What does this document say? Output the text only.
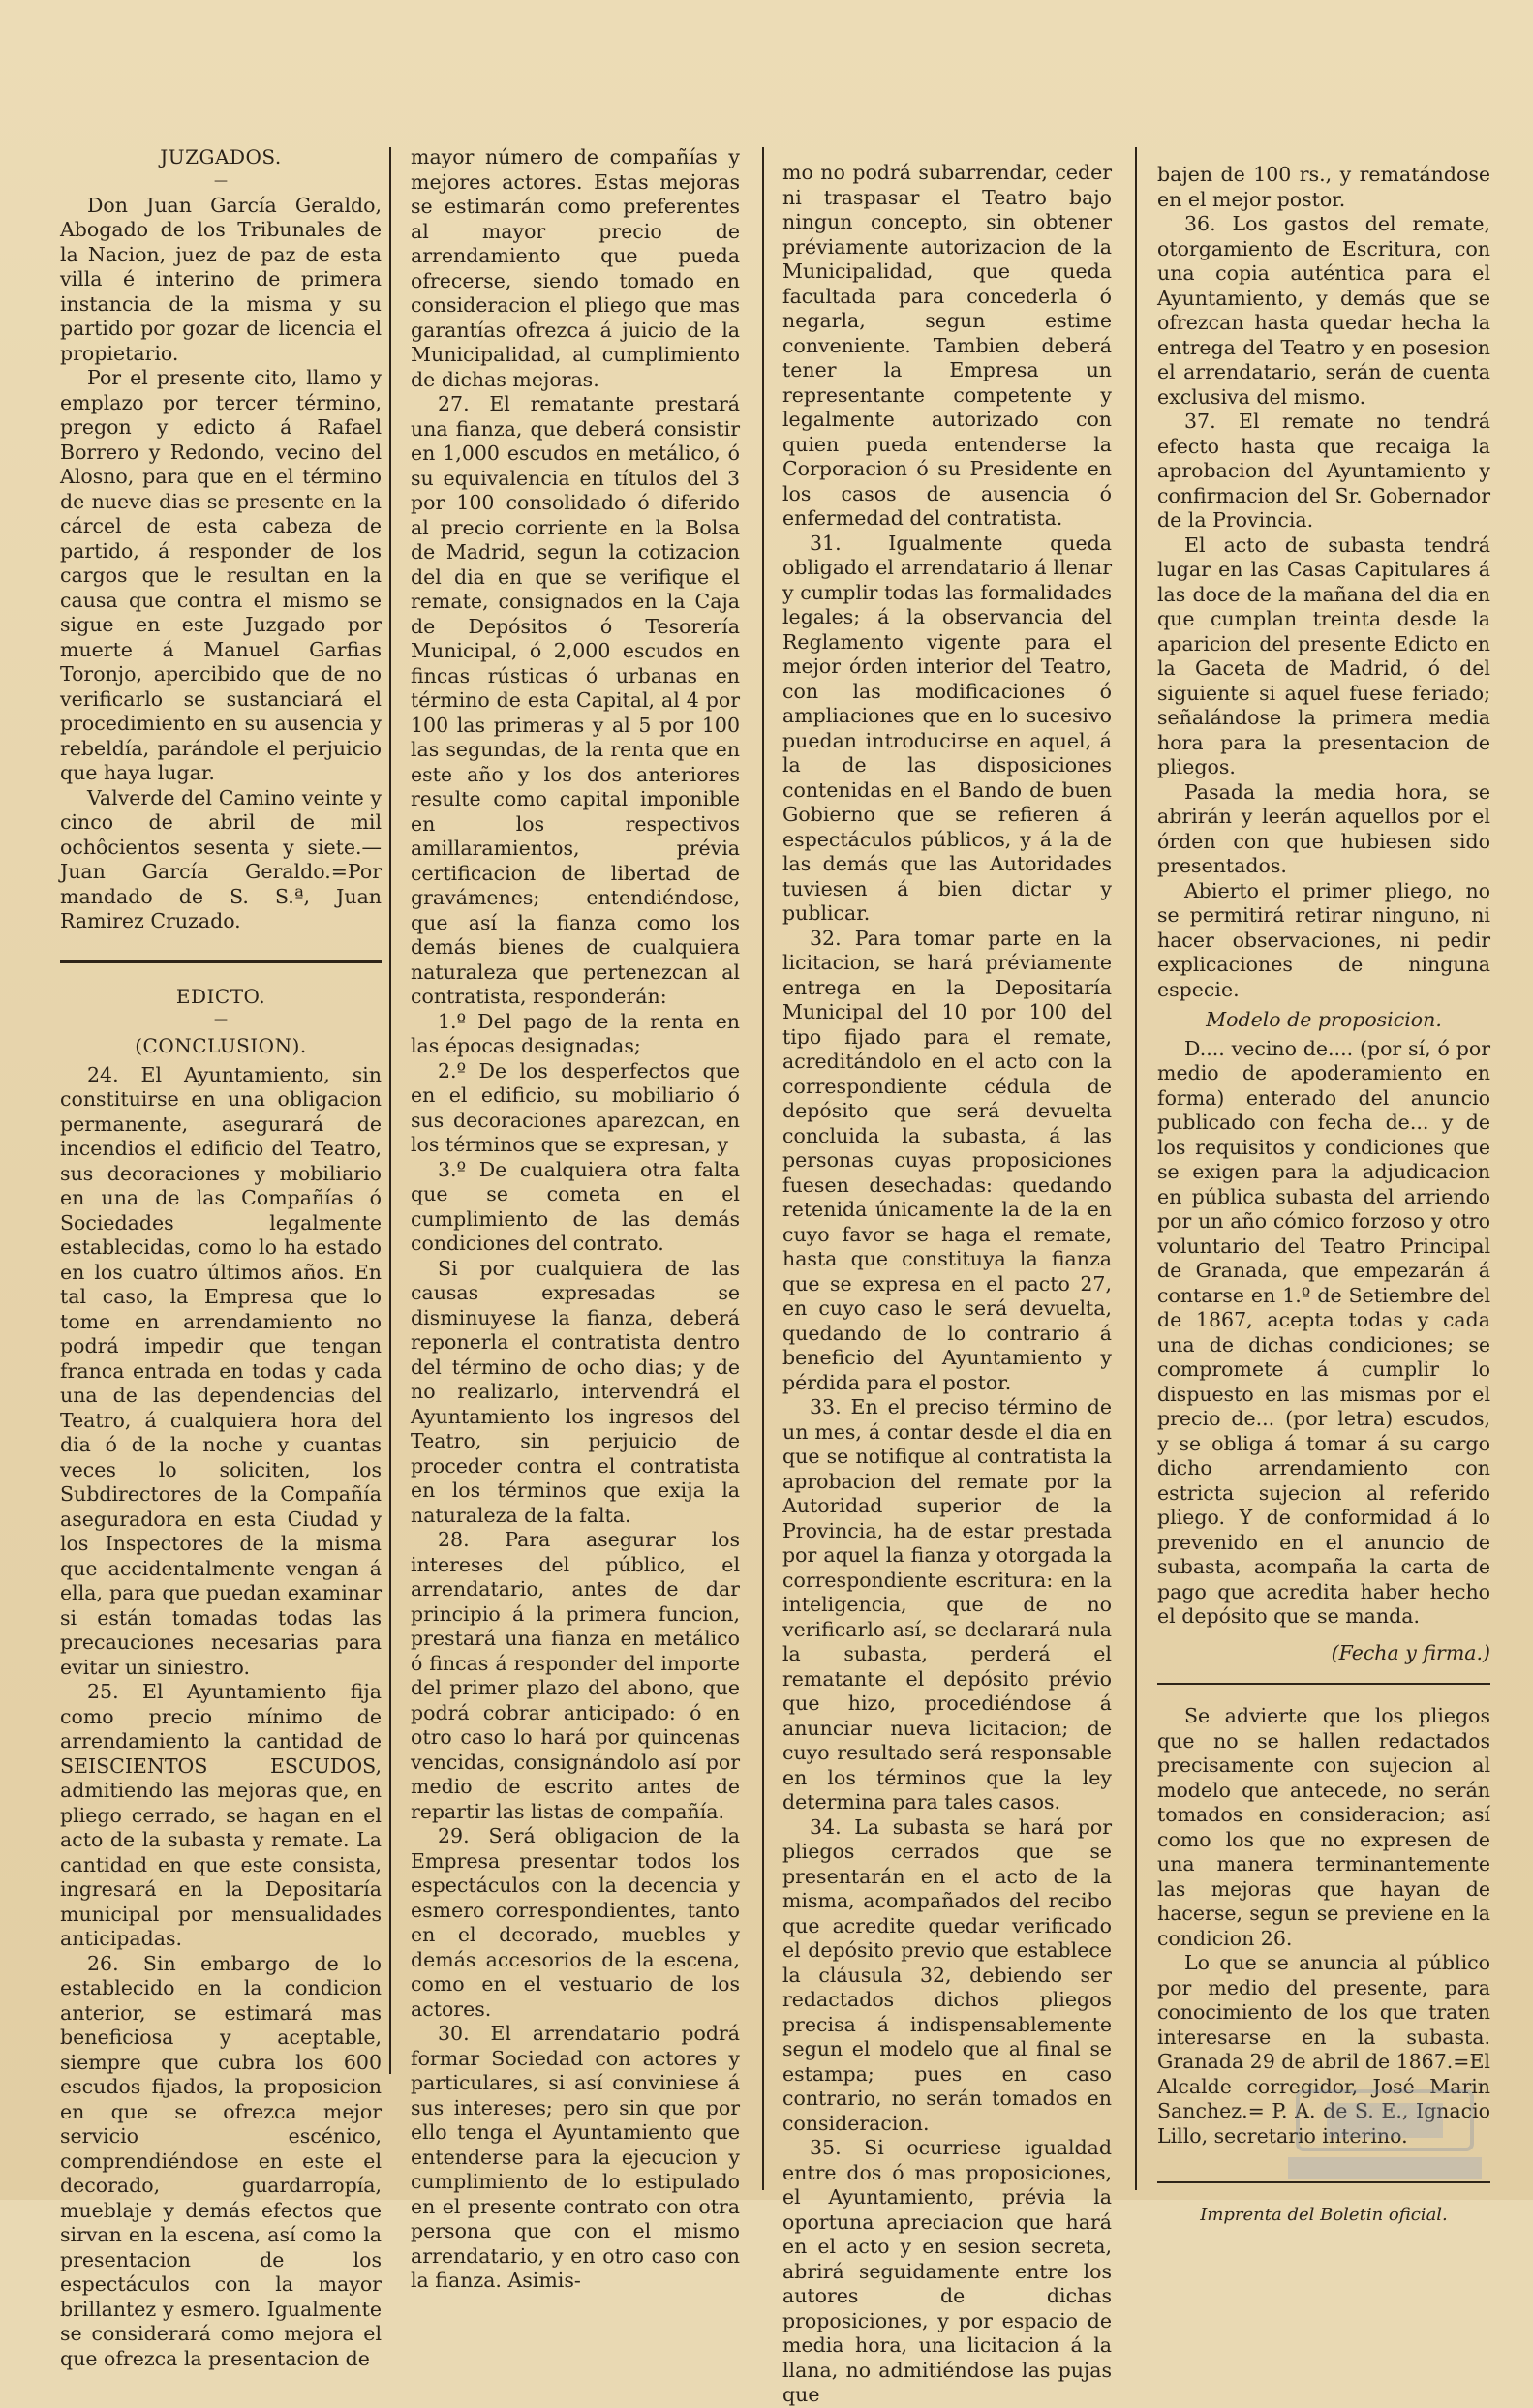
JUZGADOS.
—

Don Juan García Geraldo, Abogado de los Tribunales de la Nacion, juez de paz de esta villa é interino de primera instancia de la misma y su partido por gozar de licencia el propietario.

Por el presente cito, llamo y emplazo por tercer término, pregon y edicto á Rafael Borrero y Redondo, vecino del Alosno, para que en el término de nueve dias se presente en la cárcel de esta cabeza de partido, á responder de los cargos que le resultan en la causa que contra el mismo se sigue en este Juzgado por muerte á Manuel Garfias Toronjo, apercibido que de no verificarlo se sustanciará el procedimiento en su ausencia y rebeldía, parándole el perjuicio que haya lugar.

Valverde del Camino veinte y cinco de abril de mil ochôcientos sesenta y siete.—Juan García Geraldo.=Por mandado de S. S.ª, Juan Ramirez Cruzado.

EDICTO.
—
(CONCLUSION).

24. El Ayuntamiento, sin constituirse en una obligacion permanente, asegurará de incendios el edificio del Teatro, sus decoraciones y mobiliario en una de las Compañías ó Sociedades legalmente establecidas, como lo ha estado en los cuatro últimos años. En tal caso, la Empresa que lo tome en arrendamiento no podrá impedir que tengan franca entrada en todas y cada una de las dependencias del Teatro, á cualquiera hora del dia ó de la noche y cuantas veces lo soliciten, los Subdirectores de la Compañía aseguradora en esta Ciudad y los Inspectores de la misma que accidentalmente vengan á ella, para que puedan examinar si están tomadas todas las precauciones necesarias para evitar un siniestro.

25. El Ayuntamiento fija como precio mínimo de arrendamiento la cantidad de SEISCIENTOS ESCUDOS, admitiendo las mejoras que, en pliego cerrado, se hagan en el acto de la subasta y remate. La cantidad en que este consista, ingresará en la Depositaría municipal por mensualidades anticipadas.

26. Sin embargo de lo establecido en la condicion anterior, se estimará mas beneficiosa y aceptable, siempre que cubra los 600 escudos fijados, la proposicion en que se ofrezca mejor servicio escénico, comprendiéndose en este el decorado, guardarropía, mueblaje y demás efectos que sirvan en la escena, así como la presentacion de los espectáculos con la mayor brillantez y esmero. Igualmente se considerará como mejora el que ofrezca la presentacion de

mayor número de compañías y mejores actores. Estas mejoras se estimarán como preferentes al mayor precio de arrendamiento que pueda ofrecerse, siendo tomado en consideracion el pliego que mas garantías ofrezca á juicio de la Municipalidad, al cumplimiento de dichas mejoras.

27. El rematante prestará una fianza, que deberá consistir en 1,000 escudos en metálico, ó su equivalencia en títulos del 3 por 100 consolidado ó diferido al precio corriente en la Bolsa de Madrid, segun la cotizacion del dia en que se verifique el remate, consignados en la Caja de Depósitos ó Tesorería Municipal, ó 2,000 escudos en fincas rústicas ó urbanas en término de esta Capital, al 4 por 100 las primeras y al 5 por 100 las segundas, de la renta que en este año y los dos anteriores resulte como capital imponible en los respectivos amillaramientos, prévia certificacion de libertad de gravámenes; entendiéndose, que así la fianza como los demás bienes de cualquiera naturaleza que pertenezcan al contratista, responderán:

1.º Del pago de la renta en las épocas designadas;

2.º De los desperfectos que en el edificio, su mobiliario ó sus decoraciones aparezcan, en los términos que se expresan, y

3.º De cualquiera otra falta que se cometa en el cumplimiento de las demás condiciones del contrato.

Si por cualquiera de las causas expresadas se disminuyese la fianza, deberá reponerla el contratista dentro del término de ocho dias; y de no realizarlo, intervendrá el Ayuntamiento los ingresos del Teatro, sin perjuicio de proceder contra el contratista en los términos que exija la naturaleza de la falta.

28. Para asegurar los intereses del público, el arrendatario, antes de dar principio á la primera funcion, prestará una fianza en metálico ó fincas á responder del importe del primer plazo del abono, que podrá cobrar anticipado: ó en otro caso lo hará por quincenas vencidas, consignándolo así por medio de escrito antes de repartir las listas de compañía.

29. Será obligacion de la Empresa presentar todos los espectáculos con la decencia y esmero correspondientes, tanto en el decorado, muebles y demás accesorios de la escena, como en el vestuario de los actores.

30. El arrendatario podrá formar Sociedad con actores y particulares, si así conviniese á sus intereses; pero sin que por ello tenga el Ayuntamiento que entenderse para la ejecucion y cumplimiento de lo estipulado en el presente contrato con otra persona que con el mismo arrendatario, y en otro caso con la fianza. Asimis-

mo no podrá subarrendar, ceder ni traspasar el Teatro bajo ningun concepto, sin obtener préviamente autorizacion de la Municipalidad, que queda facultada para concederla ó negarla, segun estime conveniente. Tambien deberá tener la Empresa un representante competente y legalmente autorizado con quien pueda entenderse la Corporacion ó su Presidente en los casos de ausencia ó enfermedad del contratista.

31. Igualmente queda obligado el arrendatario á llenar y cumplir todas las formalidades legales; á la observancia del Reglamento vigente para el mejor órden interior del Teatro, con las modificaciones ó ampliaciones que en lo sucesivo puedan introducirse en aquel, á la de las disposiciones contenidas en el Bando de buen Gobierno que se refieren á espectáculos públicos, y á la de las demás que las Autoridades tuviesen á bien dictar y publicar.

32. Para tomar parte en la licitacion, se hará préviamente entrega en la Depositaría Municipal del 10 por 100 del tipo fijado para el remate, acreditándolo en el acto con la correspondiente cédula de depósito que será devuelta concluida la subasta, á las personas cuyas proposiciones fuesen desechadas: quedando retenida únicamente la de la en cuyo favor se haga el remate, hasta que constituya la fianza que se expresa en el pacto 27, en cuyo caso le será devuelta, quedando de lo contrario á beneficio del Ayuntamiento y pérdida para el postor.

33. En el preciso término de un mes, á contar desde el dia en que se notifique al contratista la aprobacion del remate por la Autoridad superior de la Provincia, ha de estar prestada por aquel la fianza y otorgada la correspondiente escritura: en la inteligencia, que de no verificarlo así, se declarará nula la subasta, perderá el rematante el depósito prévio que hizo, procediéndose á anunciar nueva licitacion; de cuyo resultado será responsable en los términos que la ley determina para tales casos.

34. La subasta se hará por pliegos cerrados que se presentarán en el acto de la misma, acompañados del recibo que acredite quedar verificado el depósito previo que establece la cláusula 32, debiendo ser redactados dichos pliegos precisa á indispensablemente segun el modelo que al final se estampa; pues en caso contrario, no serán tomados en consideracion.

35. Si ocurriese igualdad entre dos ó mas proposiciones, el Ayuntamiento, prévia la oportuna apreciacion que hará en el acto y en sesion secreta, abrirá seguidamente entre los autores de dichas proposiciones, y por espacio de media hora, una licitacion á la llana, no admitiéndose las pujas que

bajen de 100 rs., y rematándose en el mejor postor.

36. Los gastos del remate, otorgamiento de Escritura, con una copia auténtica para el Ayuntamiento, y demás que se ofrezcan hasta quedar hecha la entrega del Teatro y en posesion el arrendatario, serán de cuenta exclusiva del mismo.

37. El remate no tendrá efecto hasta que recaiga la aprobacion del Ayuntamiento y confirmacion del Sr. Gobernador de la Provincia.

El acto de subasta tendrá lugar en las Casas Capitulares á las doce de la mañana del dia en que cumplan treinta desde la aparicion del presente Edicto en la Gaceta de Madrid, ó del siguiente si aquel fuese feriado; señalándose la primera media hora para la presentacion de pliegos.

Pasada la media hora, se abrirán y leerán aquellos por el órden con que hubiesen sido presentados.

Abierto el primer pliego, no se permitirá retirar ninguno, ni hacer observaciones, ni pedir explicaciones de ninguna especie.

Modelo de proposicion.

D.... vecino de.... (por sí, ó por medio de apoderamiento en forma) enterado del anuncio publicado con fecha de... y de los requisitos y condiciones que se exigen para la adjudicacion en pública subasta del arriendo por un año cómico forzoso y otro voluntario del Teatro Principal de Granada, que empezarán á contarse en 1.º de Setiembre del de 1867, acepta todas y cada una de dichas condiciones; se compromete á cumplir lo dispuesto en las mismas por el precio de... (por letra) escudos, y se obliga á tomar á su cargo dicho arrendamiento con estricta sujecion al referido pliego. Y de conformidad á lo prevenido en el anuncio de subasta, acompaña la carta de pago que acredita haber hecho el depósito que se manda.

(Fecha y firma.)

Se advierte que los pliegos que no se hallen redactados precisamente con sujecion al modelo que antecede, no serán tomados en consideracion; así como los que no expresen de una manera terminantemente las mejoras que hayan de hacerse, segun se previene en la condicion 26.

Lo que se anuncia al público por medio del presente, para conocimiento de los que traten interesarse en la subasta. Granada 29 de abril de 1867.=El Alcalde corregidor, José Marin Sanchez.= P. A. de S. E., Ignacio Lillo, secretario interino.

Imprenta del Boletin oficial.
